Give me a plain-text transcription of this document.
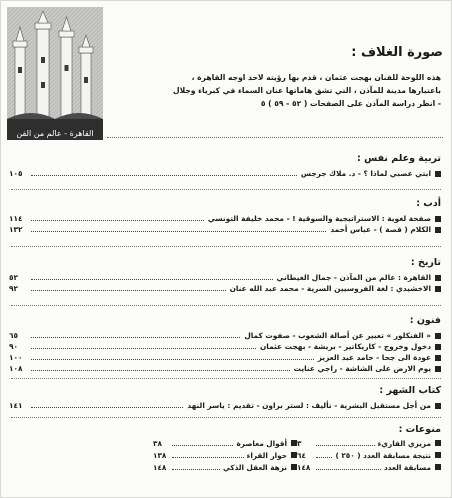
القاهرة - عالم من الفن
صورة الغلاف :
هذه اللوحة للفنان بهجت عثمان ، قدم بها رؤيته لاحد اوجه القاهرة ،
باعتبارها مدينة للمآذن ، التي تشق هاماتها عنان السماء في كبرياء وجلال
- انظر دراسة المآذن على الصفحات ( ٥٢ - ٥٩ ) ٥
تربية وعلم نفس :
ابتي عصبي لماذا ؟ - د. ملاك جرجس
١٠٥
أدب :
صفحة لغوية : الاستراتيجية والسوقية ! - محمد خليفة التونسي
١١٤
الكلام ( قصة ) - عباس أحمد
١٣٢
تاريخ :
القاهرة : عالم من المآذن - جمال الغيطاني
٥٢
الاخشيدي : لغة الفروسيين السرية - محمد عبد الله عنان
٩٢
فنون :
« الفنكلور » تعبير عن أصالة الشعوب - صفوت كمال
٦٥
دخول وخروج - كاريكاتير - بريشة - بهجت عثمان
٩٠
عودة الى جحا - حامد عبد العزيز
١٠٠
يوم الارض على الشاشة - راجي عنايت
١٠٨
كتاب الشهر :
من أجل مستقبل البشرية - تأليف : لستر براون - تقديم : ياسر النهد
١٤١
منوعات :
مزيزي القاريء
٣
أقوال معاصرة
٣٨
نتيجة مسابقة العدد ( ٢٥٠ )
٦٤
حوار القراء
١٣٨
مسابقة العدد
١٤٨
نزهة العقل الذكي
١٤٨
